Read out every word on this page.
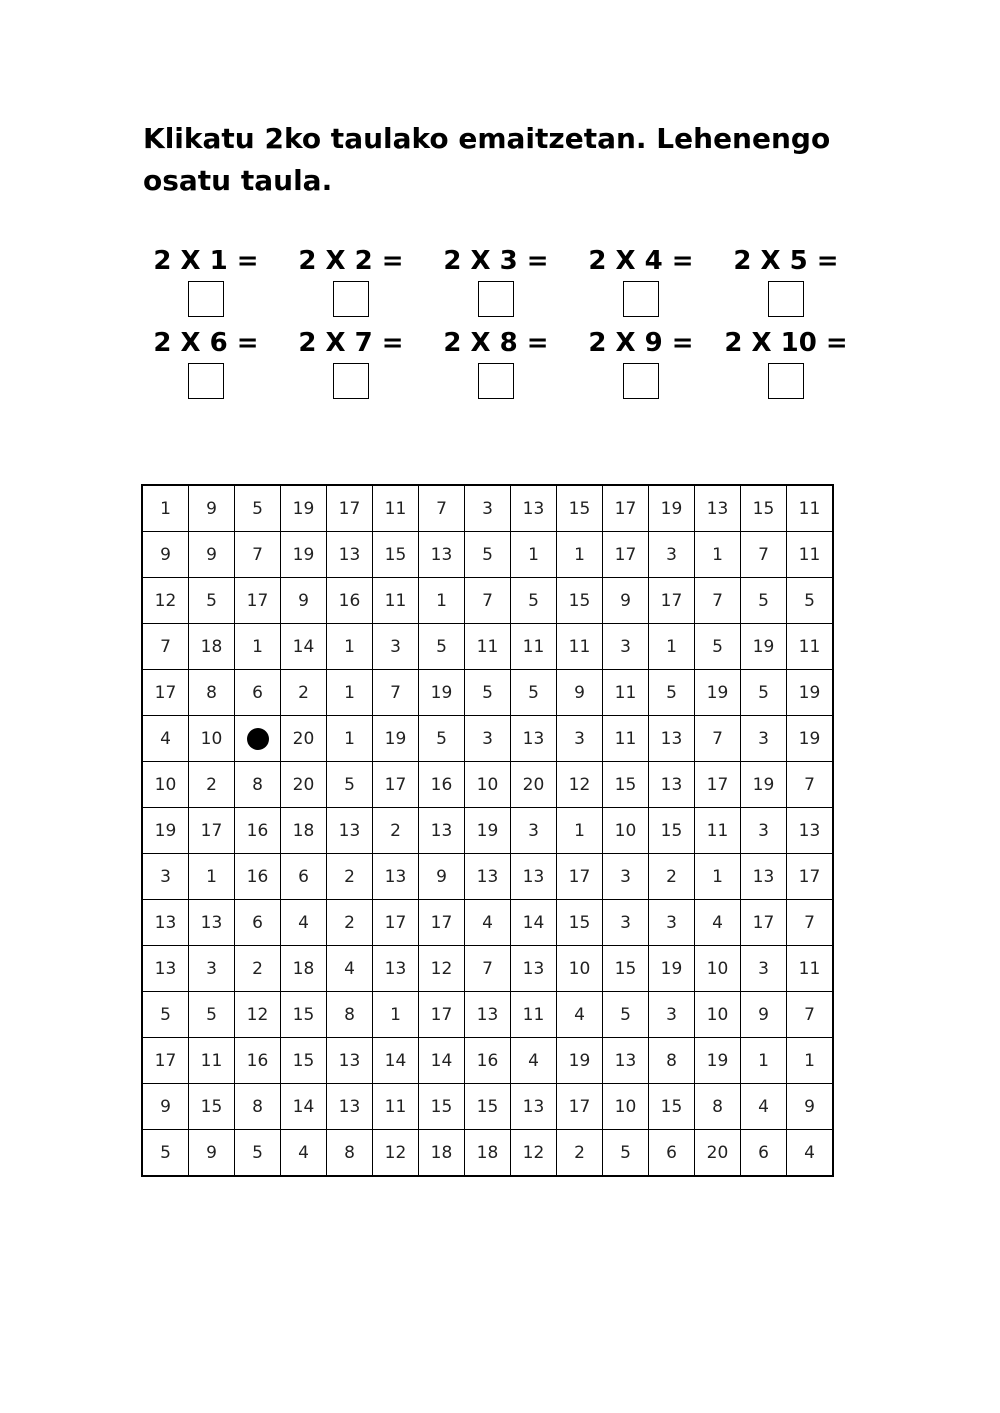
Klikatu 2ko taulako emaitzetan. Lehenengo osatu taula.

2 X 1 =	2 X 2 =	2 X 3 =	2 X 4 =	2 X 5 =
2 X 6 =	2 X 7 =	2 X 8 =	2 X 9 =	2 X 10 =
1	9	5	19	17	11	7	3	13	15	17	19	13	15	11
9	9	7	19	13	15	13	5	1	1	17	3	1	7	11
12	5	17	9	16	11	1	7	5	15	9	17	7	5	5
7	18	1	14	1	3	5	11	11	11	3	1	5	19	11
17	8	6	2	1	7	19	5	5	9	11	5	19	5	19
4	10		20	1	19	5	3	13	3	11	13	7	3	19
10	2	8	20	5	17	16	10	20	12	15	13	17	19	7
19	17	16	18	13	2	13	19	3	1	10	15	11	3	13
3	1	16	6	2	13	9	13	13	17	3	2	1	13	17
13	13	6	4	2	17	17	4	14	15	3	3	4	17	7
13	3	2	18	4	13	12	7	13	10	15	19	10	3	11
5	5	12	15	8	1	17	13	11	4	5	3	10	9	7
17	11	16	15	13	14	14	16	4	19	13	8	19	1	1
9	15	8	14	13	11	15	15	13	17	10	15	8	4	9
5	9	5	4	8	12	18	18	12	2	5	6	20	6	4
